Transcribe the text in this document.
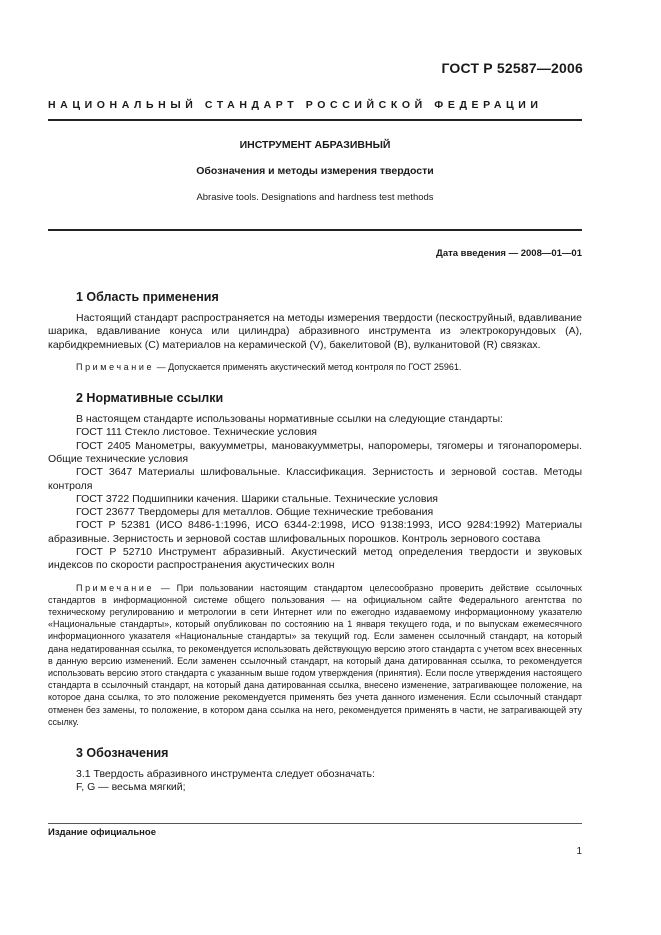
ГОСТ Р 52587—2006
НАЦИОНАЛЬНЫЙ СТАНДАРТ РОССИЙСКОЙ ФЕДЕРАЦИИ
ИНСТРУМЕНТ АБРАЗИВНЫЙ
Обозначения и методы измерения твердости
Abrasive tools. Designations and hardness test methods
Дата введения — 2008—01—01
1 Область применения

Настоящий стандарт распространяется на методы измерения твердости (пескоструйный, вдавливание шарика, вдавливание конуса или цилиндра) абразивного инструмента из электрокорундовых (А), карбидкремниевых (С) материалов на керамической (V), бакелитовой (В), вулканитовой (R) связках.

Примечание — Допускается применять акустический метод контроля по ГОСТ 25961.

2 Нормативные ссылки

В настоящем стандарте использованы нормативные ссылки на следующие стандарты:

ГОСТ 111 Стекло листовое. Технические условия

ГОСТ 2405 Манометры, вакуумметры, мановакуумметры, напоромеры, тягомеры и тягонапоромеры. Общие технические условия

ГОСТ 3647 Материалы шлифовальные. Классификация. Зернистость и зерновой состав. Методы контроля

ГОСТ 3722 Подшипники качения. Шарики стальные. Технические условия

ГОСТ 23677 Твердомеры для металлов. Общие технические требования

ГОСТ Р 52381 (ИСО 8486-1:1996, ИСО 6344-2:1998, ИСО 9138:1993, ИСО 9284:1992) Материалы абразивные. Зернистость и зерновой состав шлифовальных порошков. Контроль зернового состава

ГОСТ Р 52710 Инструмент абразивный. Акустический метод определения твердости и звуковых индексов по скорости распространения акустических волн

Примечание — При пользовании настоящим стандартом целесообразно проверить действие ссылочных стандартов в информационной системе общего пользования — на официальном сайте Федерального агентства по техническому регулированию и метрологии в сети Интернет или по ежегодно издаваемому информационному указателю «Национальные стандарты», который опубликован по состоянию на 1 января текущего года, и по выпускам ежемесячного информационного указателя «Национальные стандарты» за текущий год. Если заменен ссылочный стандарт, на который дана недатированная ссылка, то рекомендуется использовать действующую версию этого стандарта с учетом всех внесенных в данную версию изменений. Если заменен ссылочный стандарт, на который дана датированная ссылка, то рекомендуется использовать версию этого стандарта с указанным выше годом утверждения (принятия). Если после утверждения настоящего стандарта в ссылочный стандарт, на который дана датированная ссылка, внесено изменение, затрагивающее положение, на которое дана ссылка, то это положение рекомендуется применять без учета данного изменения. Если ссылочный стандарт отменен без замены, то положение, в котором дана ссылка на него, рекомендуется применять в части, не затрагивающей эту ссылку.

3 Обозначения

3.1 Твердость абразивного инструмента следует обозначать:

F, G — весьма мягкий;

Издание официальное
1
